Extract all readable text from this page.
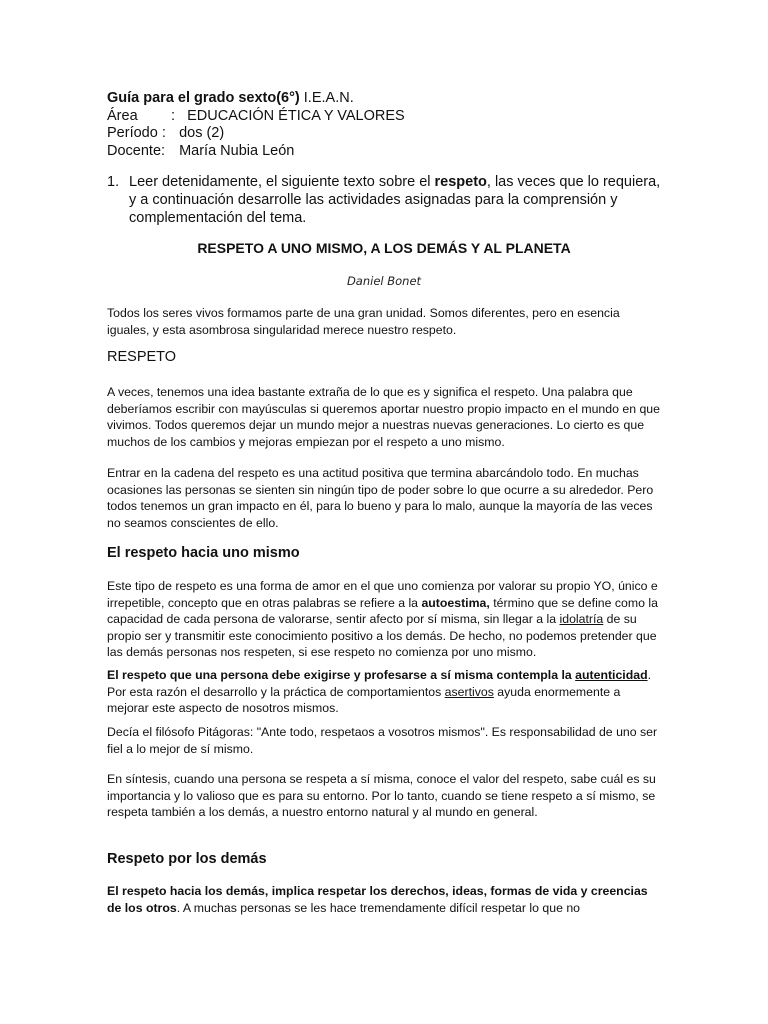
Guía para el grado sexto(6°) I.E.A.N.
Área : EDUCACIÓN ÉTICA Y VALORES
Período : dos (2)
Docente: María Nubia León
1. Leer detenidamente, el siguiente texto sobre el respeto, las veces que lo requiera, y a continuación desarrolle las actividades asignadas para la comprensión y complementación del tema.
RESPETO A UNO MISMO, A LOS DEMÁS Y AL PLANETA
Daniel Bonet
Todos los seres vivos formamos parte de una gran unidad. Somos diferentes, pero en esencia iguales, y esta asombrosa singularidad merece nuestro respeto.
RESPETO
A veces, tenemos una idea bastante extraña de lo que es y significa el respeto. Una palabra que deberíamos escribir con mayúsculas si queremos aportar nuestro propio impacto en el mundo en que vivimos. Todos queremos dejar un mundo mejor a nuestras nuevas generaciones. Lo cierto es que muchos de los cambios y mejoras empiezan por el respeto a uno mismo.
Entrar en la cadena del respeto es una actitud positiva que termina abarcándolo todo. En muchas ocasiones las personas se sienten sin ningún tipo de poder sobre lo que ocurre a su alrededor. Pero todos tenemos un gran impacto en él, para lo bueno y para lo malo, aunque la mayoría de las veces no seamos conscientes de ello.
El respeto hacia uno mismo
Este tipo de respeto es una forma de amor en el que uno comienza por valorar su propio YO, único e irrepetible, concepto que en otras palabras se refiere a la autoestima, término que se define como la capacidad de cada persona de valorarse, sentir afecto por sí misma, sin llegar a la idolatría de su propio ser y transmitir este conocimiento positivo a los demás. De hecho, no podemos pretender que las demás personas nos respeten, si ese respeto no comienza por uno mismo.
El respeto que una persona debe exigirse y profesarse a sí misma contempla la autenticidad. Por esta razón el desarrollo y la práctica de comportamientos asertivos ayuda enormemente a mejorar este aspecto de nosotros mismos.
Decía el filósofo Pitágoras: "Ante todo, respetaos a vosotros mismos". Es responsabilidad de uno ser fiel a lo mejor de sí mismo.
En síntesis, cuando una persona se respeta a sí misma, conoce el valor del respeto, sabe cuál es su importancia y lo valioso que es para su entorno. Por lo tanto, cuando se tiene respeto a sí mismo, se respeta también a los demás, a nuestro entorno natural y al mundo en general.
Respeto por los demás
El respeto hacia los demás, implica respetar los derechos, ideas, formas de vida y creencias de los otros. A muchas personas se les hace tremendamente difícil respetar lo que no
